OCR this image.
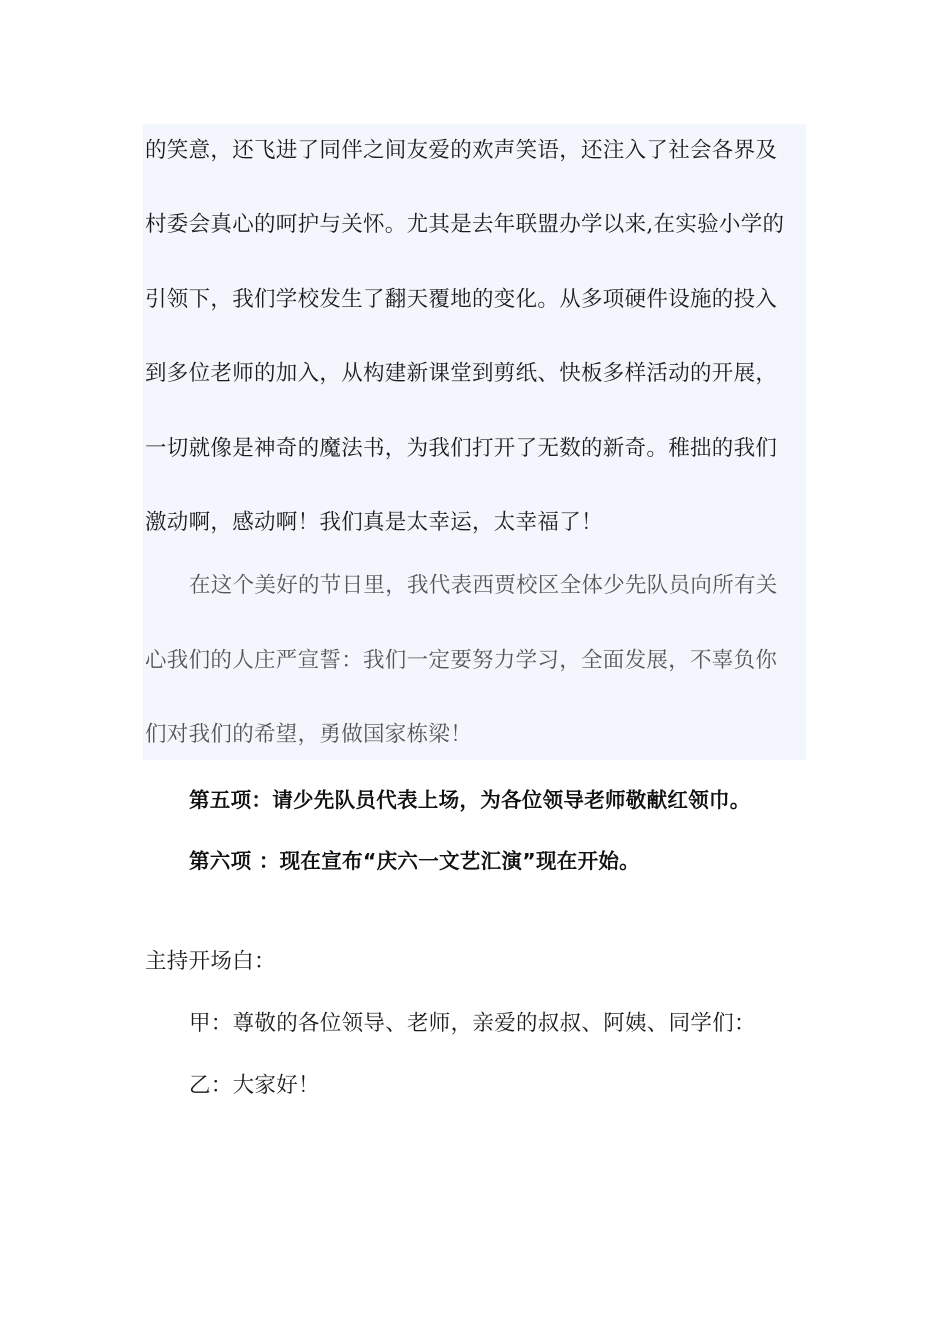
的笑意，还飞进了同伴之间友爱的欢声笑语，还注入了社会各界及
村委会真心的呵护与关怀。尤其是去年联盟办学以来,在实验小学的
引领下，我们学校发生了翻天覆地的变化。从多项硬件设施的投入
到多位老师的加入，从构建新课堂到剪纸、快板多样活动的开展，
一切就像是神奇的魔法书，为我们打开了无数的新奇。稚拙的我们
激动啊，感动啊！我们真是太幸运，太幸福了！
在这个美好的节日里，我代表西贾校区全体少先队员向所有关
心我们的人庄严宣誓：我们一定要努力学习，全面发展，不辜负你
们对我们的希望，勇做国家栋梁！
第五项：请少先队员代表上场，为各位领导老师敬献红领巾。
第六项 ：现在宣布“庆六一文艺汇演”现在开始。
主持开场白：
甲：尊敬的各位领导、老师，亲爱的叔叔、阿姨、同学们：
乙：大家好！
